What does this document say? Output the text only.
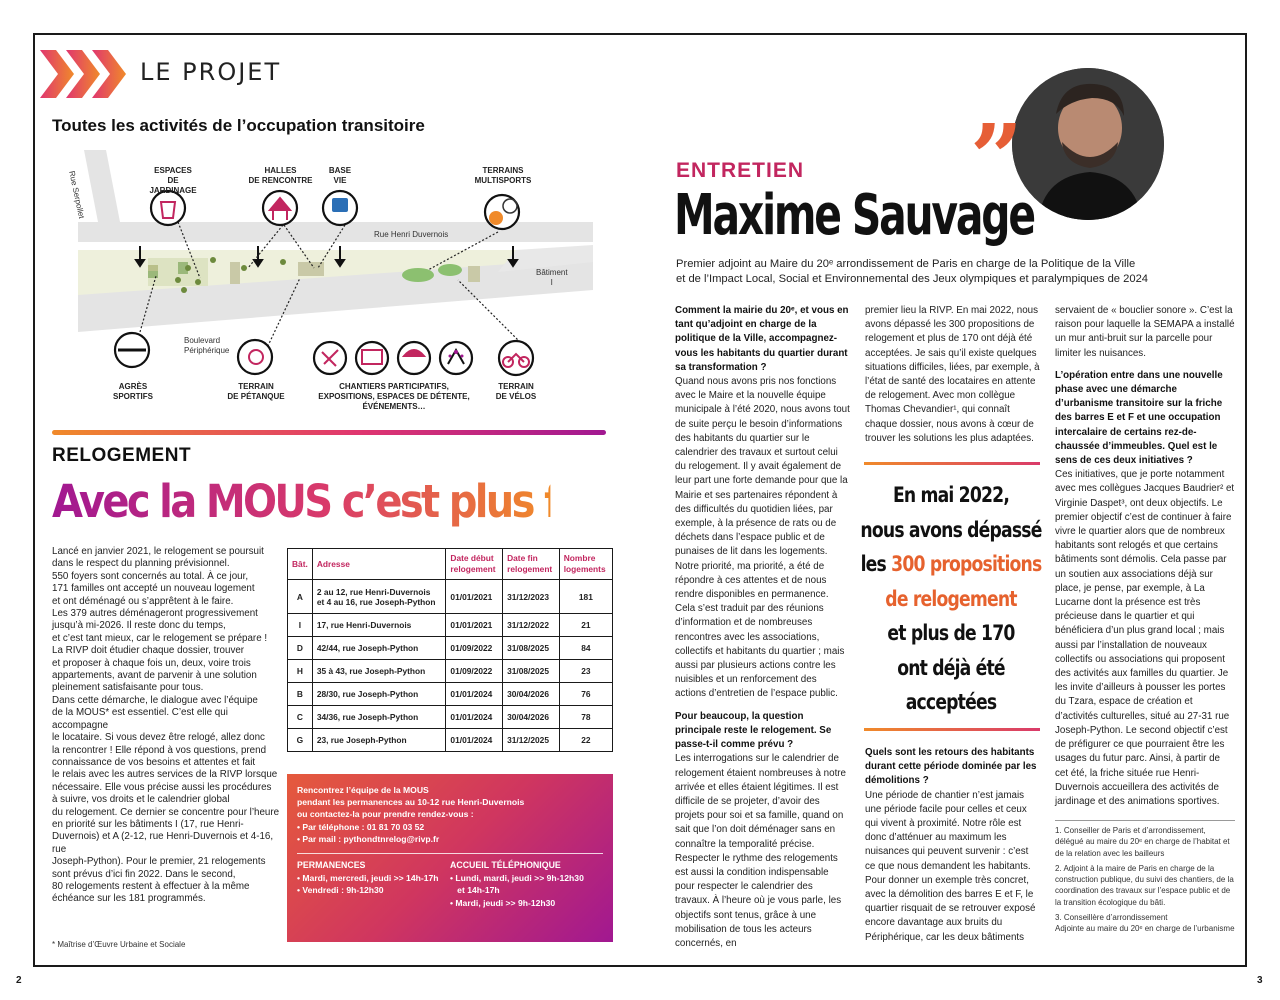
LE PROJET
Toutes les activités de l’occupation transitoire
ESPACES
DE JARDINAGE
HALLES
DE RENCONTRE
BASE
VIE
TERRAINS
MULTISPORTS
AGRÈS
SPORTIFS
TERRAIN
DE PÉTANQUE
CHANTIERS PARTICIPATIFS,
EXPOSITIONS, ESPACES DE DÉTENTE,
ÉVÉNEMENTS…
TERRAIN
DE VÉLOS
Rue Serpollet
Rue Henri Duvernois
Boulevard
Périphérique
Bâtiment
I
RELOGEMENT
Avec la MOUS c’est plus facile
Lancé en janvier 2021, le relogement se poursuit
dans le respect du planning prévisionnel.
550 foyers sont concernés au total. À ce jour,
171 familles ont accepté un nouveau logement
et ont déménagé ou s’apprêtent à le faire.
Les 379 autres déménageront progressivement
jusqu’à mi-2026. Il reste donc du temps,
et c’est tant mieux, car le relogement se prépare !
La RIVP doit étudier chaque dossier, trouver
et proposer à chaque fois un, deux, voire trois
appartements, avant de parvenir à une solution
pleinement satisfaisante pour tous.
Dans cette démarche, le dialogue avec l’équipe
de la MOUS* est essentiel. C’est elle qui accompagne
le locataire. Si vous devez être relogé, allez donc
la rencontrer ! Elle répond à vos questions, prend
connaissance de vos besoins et attentes et fait
le relais avec les autres services de la RIVP lorsque
nécessaire. Elle vous précise aussi les procédures
à suivre, vos droits et le calendrier global
du relogement. Ce dernier se concentre pour l’heure
en priorité sur les bâtiments I (17, rue Henri-
Duvernois) et A (2-12, rue Henri-Duvernois et 4-16, rue
Joseph-Python). Pour le premier, 21 relogements
sont prévus d’ici fin 2022. Dans le second,
80 relogements restent à effectuer à la même
échéance sur les 181 programmés.
* Maîtrise d’Œuvre Urbaine et Sociale
Bât.	Adresse	Date début
relogement	Date fin
relogement	Nombre
logements
A	2 au 12, rue Henri-Duvernois
et 4 au 16, rue Joseph-Python	01/01/2021	31/12/2023	181
I	17, rue Henri-Duvernois	01/01/2021	31/12/2022	21
D	42/44, rue Joseph-Python	01/09/2022	31/08/2025	84
H	35 à 43, rue Joseph-Python	01/09/2022	31/08/2025	23
B	28/30, rue Joseph-Python	01/01/2024	30/04/2026	76
C	34/36, rue Joseph-Python	01/01/2024	30/04/2026	78
G	23, rue Joseph-Python	01/01/2024	31/12/2025	22
Rencontrez l’équipe de la MOUS
pendant les permanences au 10-12 rue Henri-Duvernois
ou contactez-la pour prendre rendez-vous :
• Par téléphone : 01 81 70 03 52
• Par mail : pythondtnrelog@rivp.fr
PERMANENCES
• Mardi, mercredi, jeudi >> 14h-17h
• Vendredi : 9h-12h30
ACCUEIL TÉLÉPHONIQUE
• Lundi, mardi, jeudi >> 9h-12h30
et 14h-17h
• Mardi, jeudi >> 9h-12h30
”
ENTRETIEN
Maxime Sauvage
Premier adjoint au Maire du 20ᵉ arrondissement de Paris en charge de la Politique de la Ville
et de l’Impact Local, Social et Environnemental des Jeux olympiques et paralympiques de 2024

Comment la mairie du 20ᵉ, et vous en tant qu’adjoint en charge de la politique de la Ville, accompagnez-vous les habitants du quartier durant sa transformation ?
Quand nous avons pris nos fonctions avec le Maire et la nouvelle équipe municipale à l’été 2020, nous avons tout de suite perçu le besoin d’informations des habitants du quartier sur le calendrier des travaux et surtout celui du relogement. Il y avait également de leur part une forte demande pour que la Mairie et ses partenaires répondent à des difficultés du quotidien liées, par exemple, à la présence de rats ou de déchets dans l’espace public et de punaises de lit dans les logements. Notre priorité, ma priorité, a été de répondre à ces attentes et de nous rendre disponibles en permanence. Cela s’est traduit par des réunions d’information et de nombreuses rencontres avec les associations, collectifs et habitants du quartier ; mais aussi par plusieurs actions contre les nuisibles et un renforcement des actions d’entretien de l’espace public.

Pour beaucoup, la question principale reste le relogement. Se passe-t-il comme prévu ?
Les interrogations sur le calendrier de relogement étaient nombreuses à notre arrivée et elles étaient légitimes. Il est difficile de se projeter, d’avoir des projets pour soi et sa famille, quand on sait que l’on doit déménager sans en connaître la temporalité précise. Respecter le rythme des relogements est aussi la condition indispensable pour respecter le calendrier des travaux. À l’heure où je vous parle, les objectifs sont tenus, grâce à une mobilisation de tous les acteurs concernés, en

premier lieu la RIVP. En mai 2022, nous avons dépassé les 300 propositions de relogement et plus de 170 ont déjà été acceptées. Je sais qu’il existe quelques situations difficiles, liées, par exemple, à l’état de santé des locataires en attente de relogement. Avec mon collègue Thomas Chevandier¹, qui connaît chaque dossier, nous avons à cœur de trouver les solutions les plus adaptées.

En mai 2022,
nous avons dépassé
les 300 propositions
de relogement
et plus de 170
ont déjà été
acceptées

Quels sont les retours des habitants durant cette période dominée par les démolitions ?
Une période de chantier n’est jamais une période facile pour celles et ceux qui vivent à proximité. Notre rôle est donc d’atténuer au maximum les nuisances qui peuvent survenir : c’est ce que nous demandent les habitants. Pour donner un exemple très concret, avec la démolition des barres E et F, le quartier risquait de se retrouver exposé encore davantage aux bruits du Périphérique, car les deux bâtiments

servaient de « bouclier sonore ». C’est la raison pour laquelle la SEMAPA a installé un mur anti-bruit sur la parcelle pour limiter les nuisances.

L’opération entre dans une nouvelle phase avec une démarche d’urbanisme transitoire sur la friche des barres E et F et une occupation intercalaire de certains rez-de-chaussée d’immeubles. Quel est le sens de ces deux initiatives ?
Ces initiatives, que je porte notamment avec mes collègues Jacques Baudrier² et Virginie Daspet³, ont deux objectifs. Le premier objectif c’est de continuer à faire vivre le quartier alors que de nombreux habitants sont relogés et que certains bâtiments sont démolis. Cela passe par un soutien aux associations déjà sur place, je pense, par exemple, à La Lucarne dont la présence est très précieuse dans le quartier et qui bénéficiera d’un plus grand local ; mais aussi par l’installation de nouveaux collectifs ou associations qui proposent des activités aux familles du quartier. Je les invite d’ailleurs à pousser les portes du Tzara, espace de création et d’activités culturelles, situé au 27-31 rue Joseph-Python. Le second objectif c’est de préfigurer ce que pourraient être les usages du futur parc. Ainsi, à partir de cet été, la friche située rue Henri-Duvernois accueillera des activités de jardinage et des animations sportives.

1. Conseiller de Paris et d’arrondissement, délégué au maire du 20ᵉ en charge de l’habitat et de la relation avec les bailleurs

2. Adjoint à la maire de Paris en charge de la construction publique, du suivi des chantiers, de la coordination des travaux sur l’espace public et de la transition écologique du bâti.

3. Conseillère d’arrondissement
Adjointe au maire du 20ᵉ en charge de l’urbanisme

2	3
